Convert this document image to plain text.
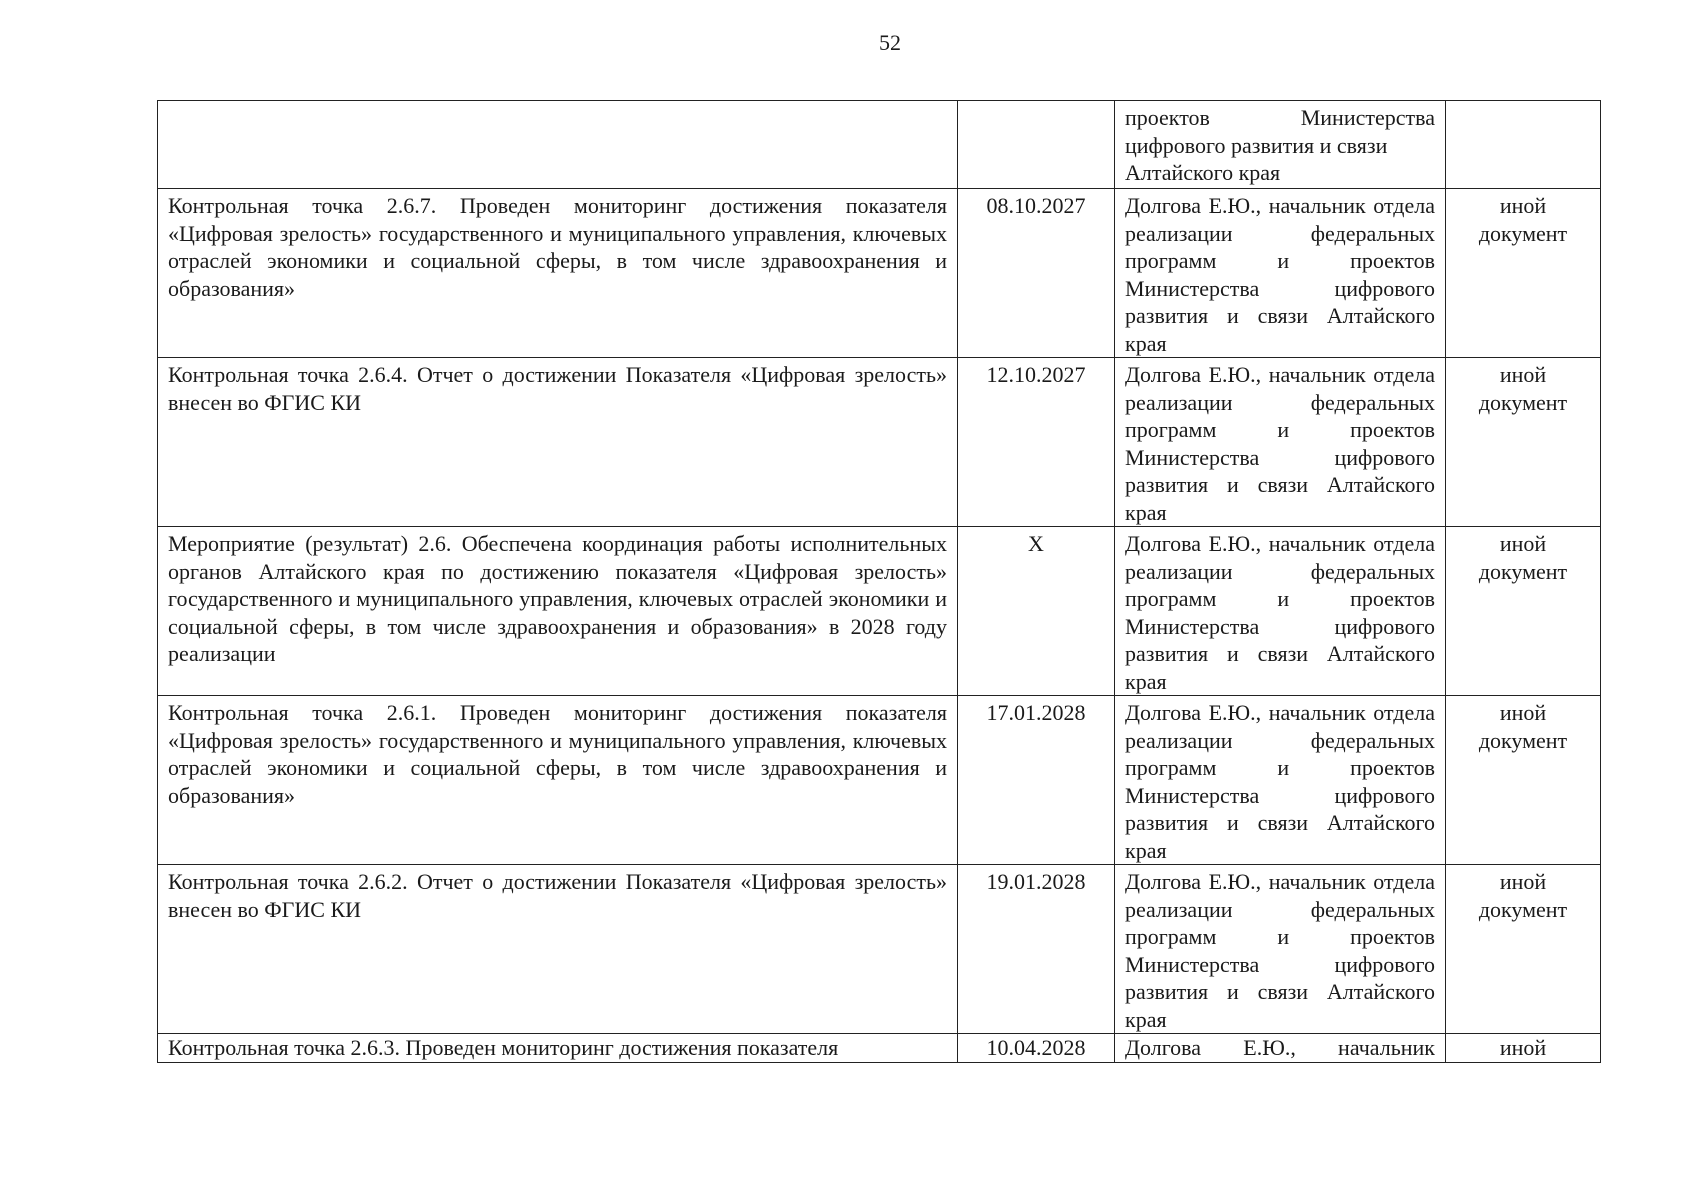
52

		проектов Министерства
цифрового развития и связи
Алтайского края	

Контрольная точка 2.6.7. Проведен мониторинг достижения показателя «Цифровая зрелость» государственного и муниципального управления, ключевых отраслей экономики и социальной сферы, в том числе здравоохранения и образования»	08.10.2027	Долгова Е.Ю., начальник отдела реализации федеральных программ и проектов Министерства цифрового развития и связи Алтайского края	иной документ
Контрольная точка 2.6.4. Отчет о достижении Показателя «Цифровая зрелость» внесен во ФГИС КИ	12.10.2027	Долгова Е.Ю., начальник отдела реализации федеральных программ и проектов Министерства цифрового развития и связи Алтайского края	иной документ
Мероприятие (результат) 2.6. Обеспечена координация работы исполнительных органов Алтайского края по достижению показателя «Цифровая зрелость» государственного и муниципального управления, ключевых отраслей экономики и социальной сферы, в том числе здравоохранения и образования» в 2028 году реализации	X	Долгова Е.Ю., начальник отдела реализации федеральных программ и проектов Министерства цифрового развития и связи Алтайского края	иной документ
Контрольная точка 2.6.1. Проведен мониторинг достижения показателя «Цифровая зрелость» государственного и муниципального управления, ключевых отраслей экономики и социальной сферы, в том числе здравоохранения и образования»	17.01.2028	Долгова Е.Ю., начальник отдела реализации федеральных программ и проектов Министерства цифрового развития и связи Алтайского края	иной документ
Контрольная точка 2.6.2. Отчет о достижении Показателя «Цифровая зрелость» внесен во ФГИС КИ	19.01.2028	Долгова Е.Ю., начальник отдела реализации федеральных программ и проектов Министерства цифрового развития и связи Алтайского края	иной документ

Контрольная точка 2.6.3. Проведен мониторинг достижения показателя	10.04.2028	Долгова Е.Ю., начальник	иной
